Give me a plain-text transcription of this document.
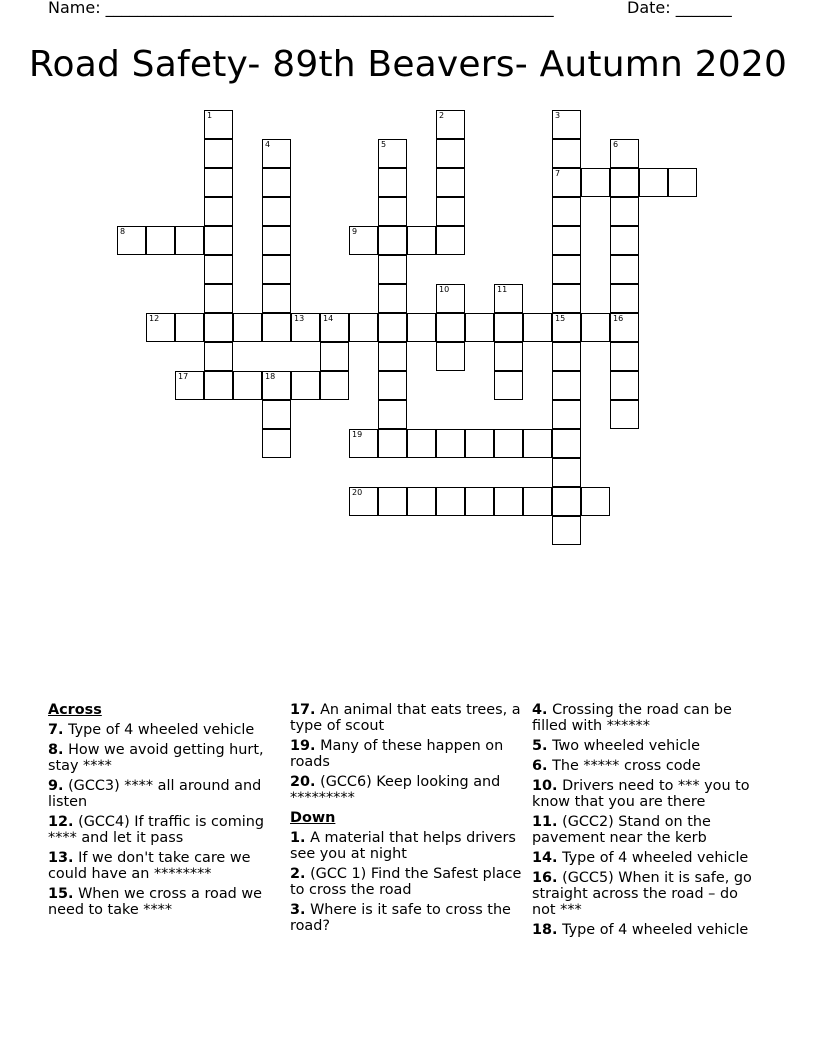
Name: ________________________________________________________	Date: _______
Road Safety- 89th Beavers- Autumn 2020
1	2	3
7
15
4	5	6
16
8	9
10	11
12	13 14
17	18
19
20
Across
7. Type of 4 wheeled vehicle
8. How we avoid getting hurt, stay ****
9. (GCC3) **** all around and listen
12. (GCC4) If traffic is coming **** and let it pass
13. If we don't take care we could have an ********
15. When we cross a road we need to take ****
17. An animal that eats trees, a type of scout
19. Many of these happen on roads
20. (GCC6) Keep looking and *********
Down
1. A material that helps drivers see you at night
2. (GCC 1) Find the Safest place to cross the road
3. Where is it safe to cross the road?
4. Crossing the road can be filled with ******
5. Two wheeled vehicle
6. The ***** cross code
10. Drivers need to *** you to know that you are there
11. (GCC2) Stand on the pavement near the kerb
14. Type of 4 wheeled vehicle
16. (GCC5) When it is safe, go straight across the road – do not ***
18. Type of 4 wheeled vehicle
